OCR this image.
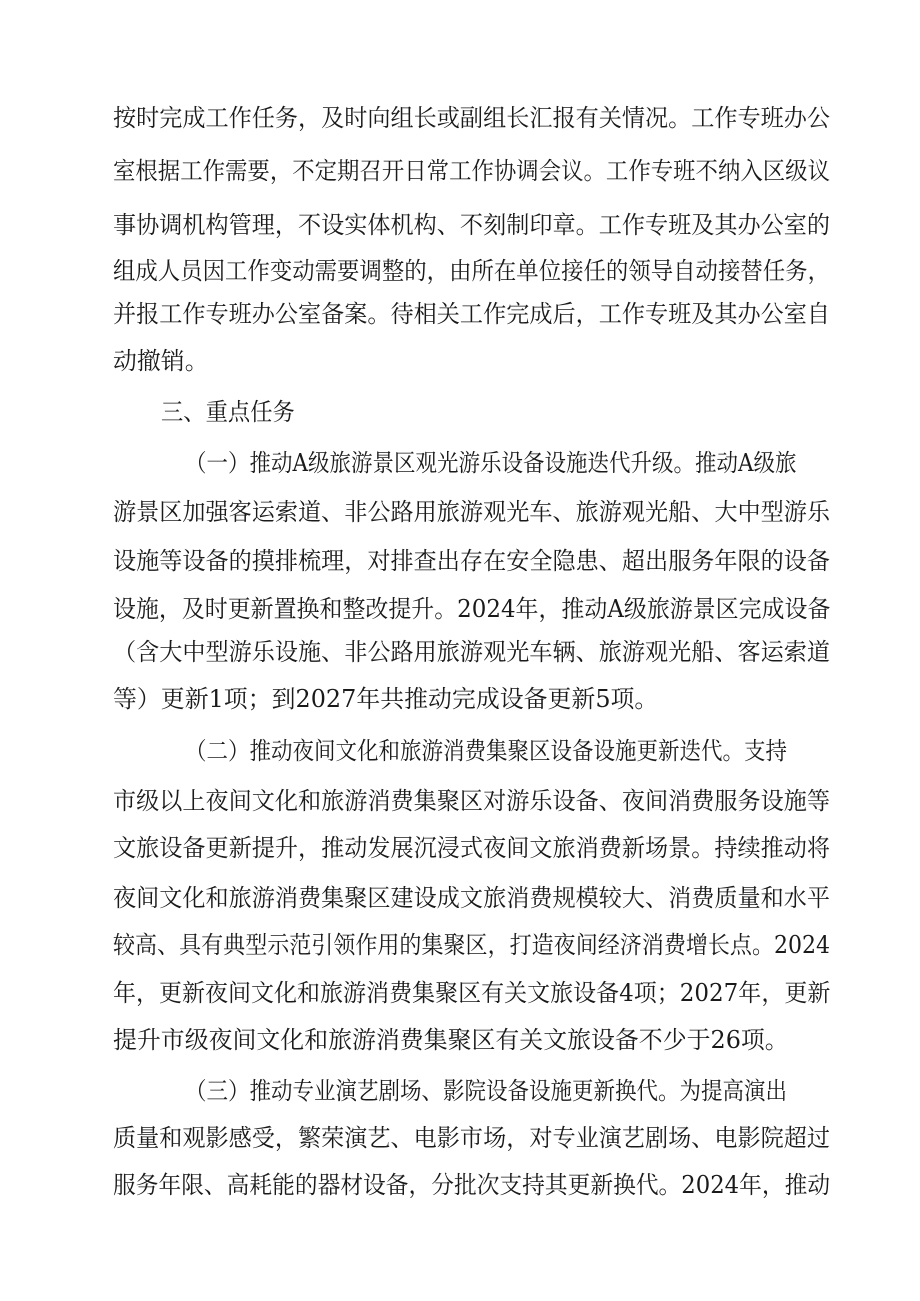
按时完成工作任务，及时向组长或副组长汇报有关情况。工作专班办公

室根据工作需要，不定期召开日常工作协调会议。工作专班不纳入区级议

事协调机构管理，不设实体机构、不刻制印章。工作专班及其办公室的

组成人员因工作变动需要调整的，由所在单位接任的领导自动接替任务，

并报工作专班办公室备案。待相关工作完成后，工作专班及其办公室自

动撤销。

三、重点任务

（一）推动A级旅游景区观光游乐设备设施迭代升级。推动A级旅

游景区加强客运索道、非公路用旅游观光车、旅游观光船、大中型游乐

设施等设备的摸排梳理，对排查出存在安全隐患、超出服务年限的设备

设施，及时更新置换和整改提升。2024年，推动A级旅游景区完成设备

（含大中型游乐设施、非公路用旅游观光车辆、旅游观光船、客运索道

等）更新1项；到2027年共推动完成设备更新5项。

（二）推动夜间文化和旅游消费集聚区设备设施更新迭代。支持

市级以上夜间文化和旅游消费集聚区对游乐设备、夜间消费服务设施等

文旅设备更新提升，推动发展沉浸式夜间文旅消费新场景。持续推动将

夜间文化和旅游消费集聚区建设成文旅消费规模较大、消费质量和水平

较高、具有典型示范引领作用的集聚区，打造夜间经济消费增长点。2024

年，更新夜间文化和旅游消费集聚区有关文旅设备4项；2027年，更新

提升市级夜间文化和旅游消费集聚区有关文旅设备不少于26项。

（三）推动专业演艺剧场、影院设备设施更新换代。为提高演出

质量和观影感受，繁荣演艺、电影市场，对专业演艺剧场、电影院超过

服务年限、高耗能的器材设备，分批次支持其更新换代。2024年，推动
